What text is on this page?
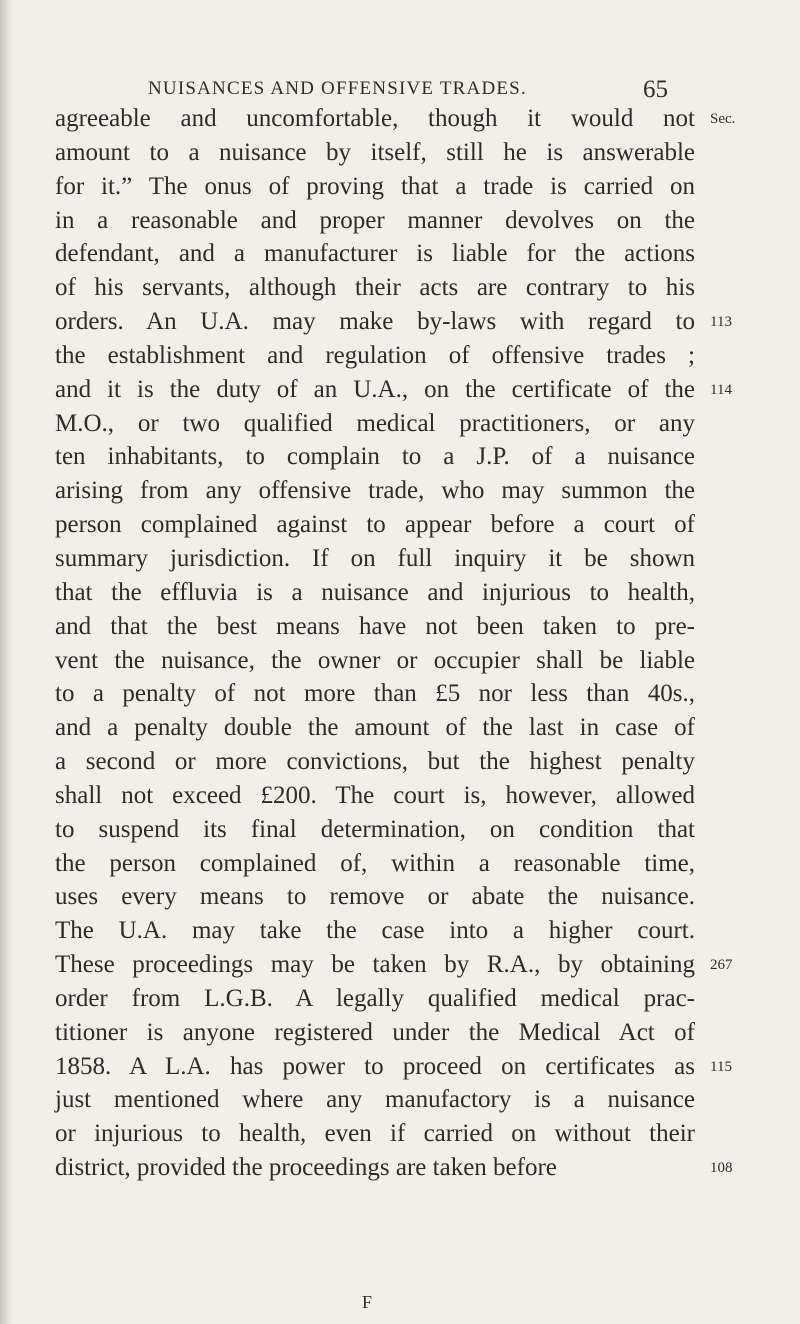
NUISANCES AND OFFENSIVE TRADES.	65
agreeable and uncomfortable, though it would not
amount to a nuisance by itself, still he is answerable
for it.” The onus of proving that a trade is carried on
in a reasonable and proper manner devolves on the
defendant, and a manufacturer is liable for the actions
of his servants, although their acts are contrary to his
orders. An U.A. may make by-laws with regard to
the establishment and regulation of offensive trades ;
and it is the duty of an U.A., on the certificate of the
M.O., or two qualified medical practitioners, or any
ten inhabitants, to complain to a J.P. of a nuisance
arising from any offensive trade, who may summon the
person complained against to appear before a court of
summary jurisdiction. If on full inquiry it be shown
that the effluvia is a nuisance and injurious to health,
and that the best means have not been taken to pre-
vent the nuisance, the owner or occupier shall be liable
to a penalty of not more than £5 nor less than 40s.,
and a penalty double the amount of the last in case of
a second or more convictions, but the highest penalty
shall not exceed £200. The court is, however, allowed
to suspend its final determination, on condition that
the person complained of, within a reasonable time,
uses every means to remove or abate the nuisance.
The U.A. may take the case into a higher court.
These proceedings may be taken by R.A., by obtaining
order from L.G.B. A legally qualified medical prac-
titioner is anyone registered under the Medical Act of
1858. A L.A. has power to proceed on certificates as
just mentioned where any manufactory is a nuisance
or injurious to health, even if carried on without their
district, provided the proceedings are taken before
Sec.
113
114
267
115
108
F
